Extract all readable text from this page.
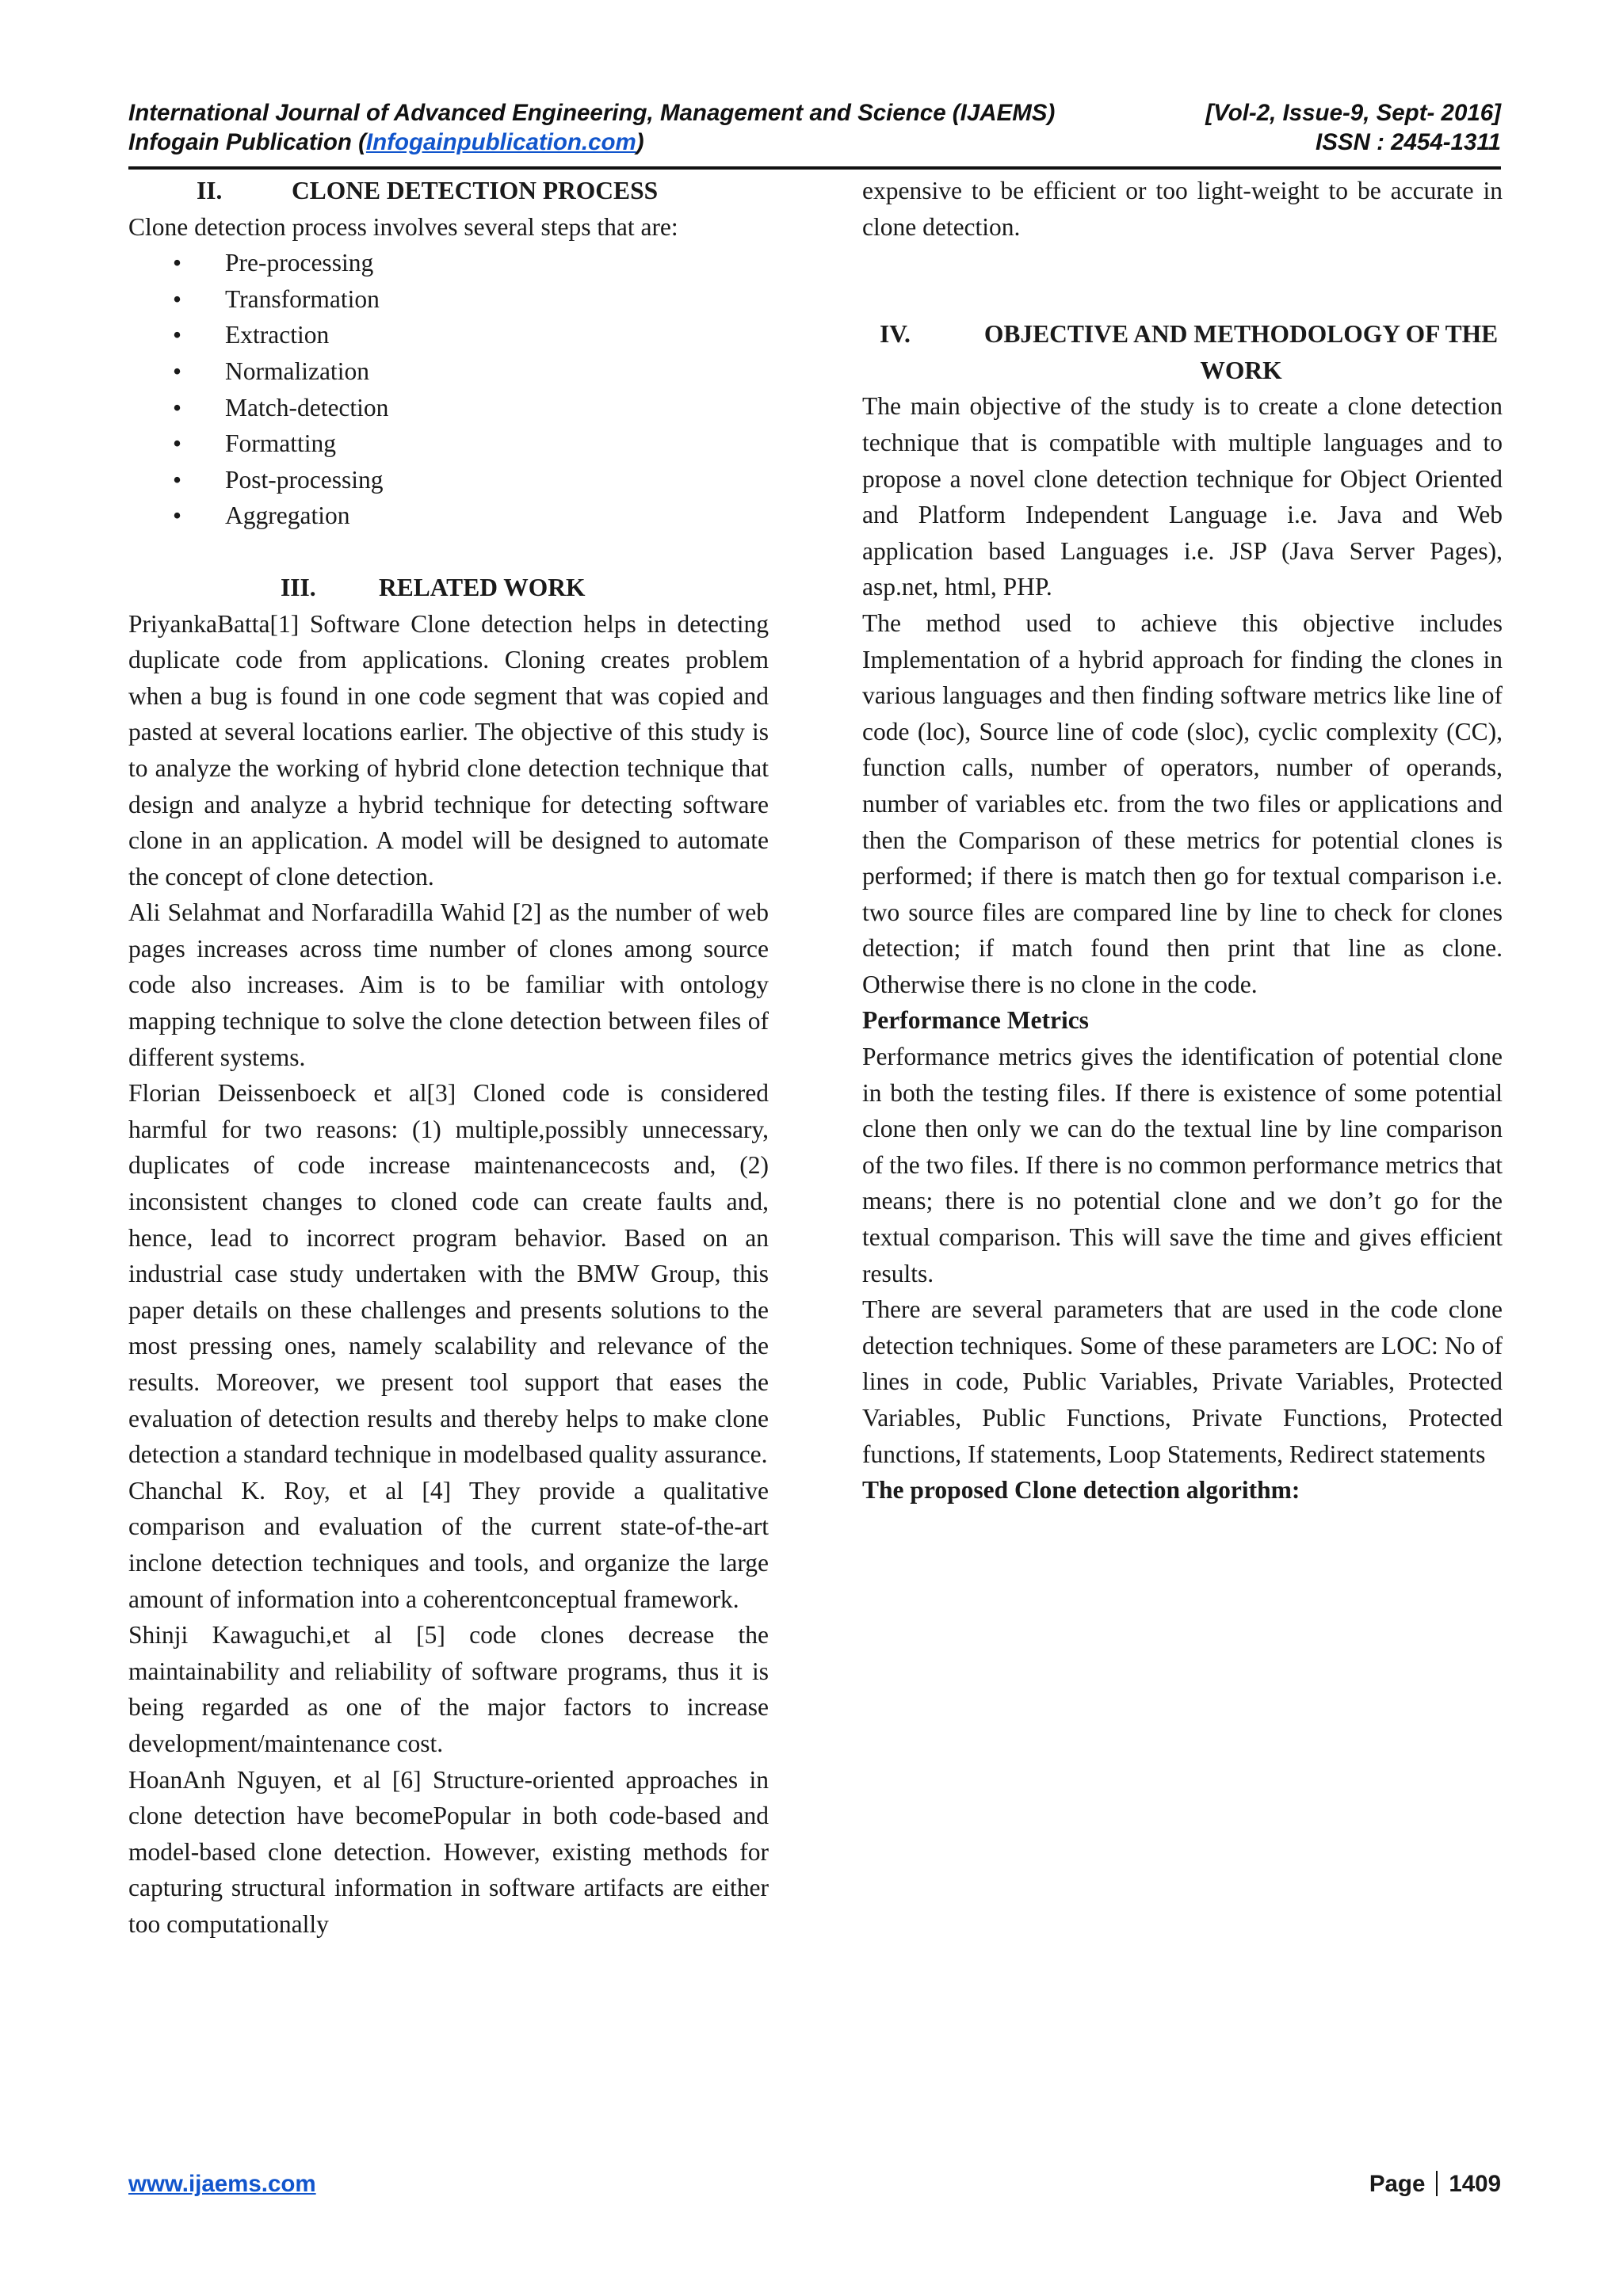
International Journal of Advanced Engineering, Management and Science (IJAEMS)	[Vol-2, Issue-9, Sept- 2016]
Infogain Publication (Infogainpublication.com)	ISSN : 2454-1311
II.	CLONE DETECTION PROCESS

Clone detection process involves several steps that are:

• Pre-processing
• Transformation
• Extraction
• Normalization
• Match-detection
• Formatting
• Post-processing
• Aggregation
III.	RELATED WORK

PriyankaBatta[1] Software Clone detection helps in detecting duplicate code from applications. Cloning creates problem when a bug is found in one code segment that was copied and pasted at several locations earlier. The objective of this study is to analyze the working of hybrid clone detection technique that design and analyze a hybrid technique for detecting software clone in an application. A model will be designed to automate the concept of clone detection.

Ali Selahmat and Norfaradilla Wahid [2] as the number of web pages increases across time number of clones among source code also increases. Aim is to be familiar with ontology mapping technique to solve the clone detection between files of different systems.

Florian Deissenboeck et al[3] Cloned code is considered harmful for two reasons: (1) multiple,possibly unnecessary, duplicates of code increase maintenancecosts and, (2) inconsistent changes to cloned code can create faults and, hence, lead to incorrect program behavior. Based on an industrial case study undertaken with the BMW Group, this paper details on these challenges and presents solutions to the most pressing ones, namely scalability and relevance of the results. Moreover, we present tool support that eases the evaluation of detection results and thereby helps to make clone detection a standard technique in modelbased quality assurance.

Chanchal K. Roy, et al [4] They provide a qualitative comparison and evaluation of the current state-of-the-art inclone detection techniques and tools, and organize the large amount of information into a coherentconceptual framework.

Shinji Kawaguchi,et al [5] code clones decrease the maintainability and reliability of software programs, thus it is being regarded as one of the major factors to increase development/maintenance cost.

HoanAnh Nguyen, et al [6] Structure-oriented approaches in clone detection have becomePopular in both code-based and model-based clone detection. However, existing methods for capturing structural information in software artifacts are either too computationally

expensive to be efficient or too light-weight to be accurate in clone detection.

IV.	OBJECTIVE AND METHODOLOGY OF THE WORK

The main objective of the study is to create a clone detection technique that is compatible with multiple languages and to propose a novel clone detection technique for Object Oriented and Platform Independent Language i.e. Java and Web application based Languages i.e. JSP (Java Server Pages), asp.net, html, PHP.

The method used to achieve this objective includes Implementation of a hybrid approach for finding the clones in various languages and then finding software metrics like line of code (loc), Source line of code (sloc), cyclic complexity (CC), function calls, number of operators, number of operands, number of variables etc. from the two files or applications and then the Comparison of these metrics for potential clones is performed; if there is match then go for textual comparison i.e. two source files are compared line by line to check for clones detection; if match found then print that line as clone. Otherwise there is no clone in the code.

Performance Metrics

Performance metrics gives the identification of potential clone in both the testing files. If there is existence of some potential clone then only we can do the textual line by line comparison of the two files. If there is no common performance metrics that means; there is no potential clone and we don’t go for the textual comparison. This will save the time and gives efficient results.

There are several parameters that are used in the code clone detection techniques. Some of these parameters are LOC: No of lines in code, Public Variables, Private Variables, Protected Variables, Public Functions, Private Functions, Protected functions, If statements, Loop Statements, Redirect statements

The proposed Clone detection algorithm:
www.ijaems.com	Page 1409
